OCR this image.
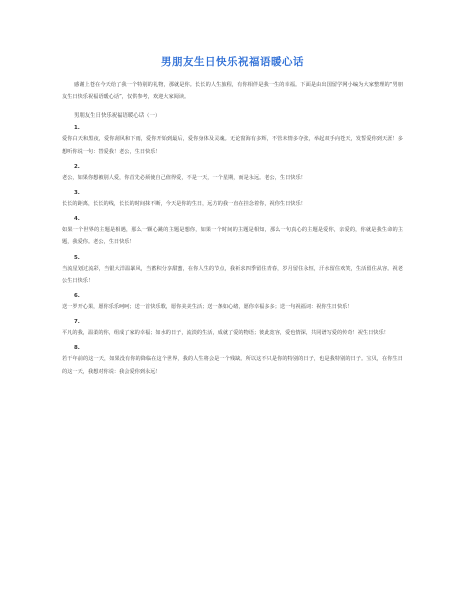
男朋友生日快乐祝福语暖心话

感谢上苍在今天给了我一个特别的礼物，那就是你。长长的人生旅程，有你相伴是我一生的幸福。下面是由出国留学网小编为大家整理的“男朋友生日快乐祝福语暖心话”，仅供参考，欢迎大家阅读。

男朋友生日快乐祝福语暖心话（一）

1.

爱你白天和黑夜，爱你刮风和下雨，爱你开始到最后，爱你身体及灵魂。无论窗海有多辉，不管未情多夺张，举起双手向苍天，发誓爱你到天涯！多想听你说一句：替爱我！老公，生日快乐！

2.

老公，如果你想被别人爱，你首先必须使自己值得爱，不是一天，一个星期，而是永远。老公，生日快乐！

3.

长长的距离，长长的线，长长的时间抹不断，今天是你的生日，远方的我一直在挂念着你，祝你生日快乐！

4.

如果一个世界的主题是相遇，那么一颗心跳的主题是想你，如果一个时间的主题是相知，那么一句真心的主题是爱你，亲爱的，你就是我生命的主题，我爱你。老公，生日快乐！

5.

当流星划过流彩，当银大洋温暴风，当蓄积分享甜蜜，在你人生的节点，我祈求四季留住青春，岁月留住永恒，汗水留住欢笑，生活留住从容。祝老公生日快乐！

6.

送一罗开心果，愿你乐乐呵呵；送一首快乐歌，愿你美美生活；送一条如心绪，愿你幸福多多；送一句祝福词：祝你生日快乐！

7.

平凡的我，温柔的你，组成了家的幸福；如水的日子，流淡的生活，成就了爱的物语；彼此宽容，爱也情深，共同谱写爱的传奇！祝生日快乐！

8.

若干年前的这一天，如果没有你的降临在这个世界，我的人生将会是一个残缺。所以这不只是你的特别的日子，也是我特别的日子。宝贝，在你生日的这一天，我想对你说：我会爱你到永远！
